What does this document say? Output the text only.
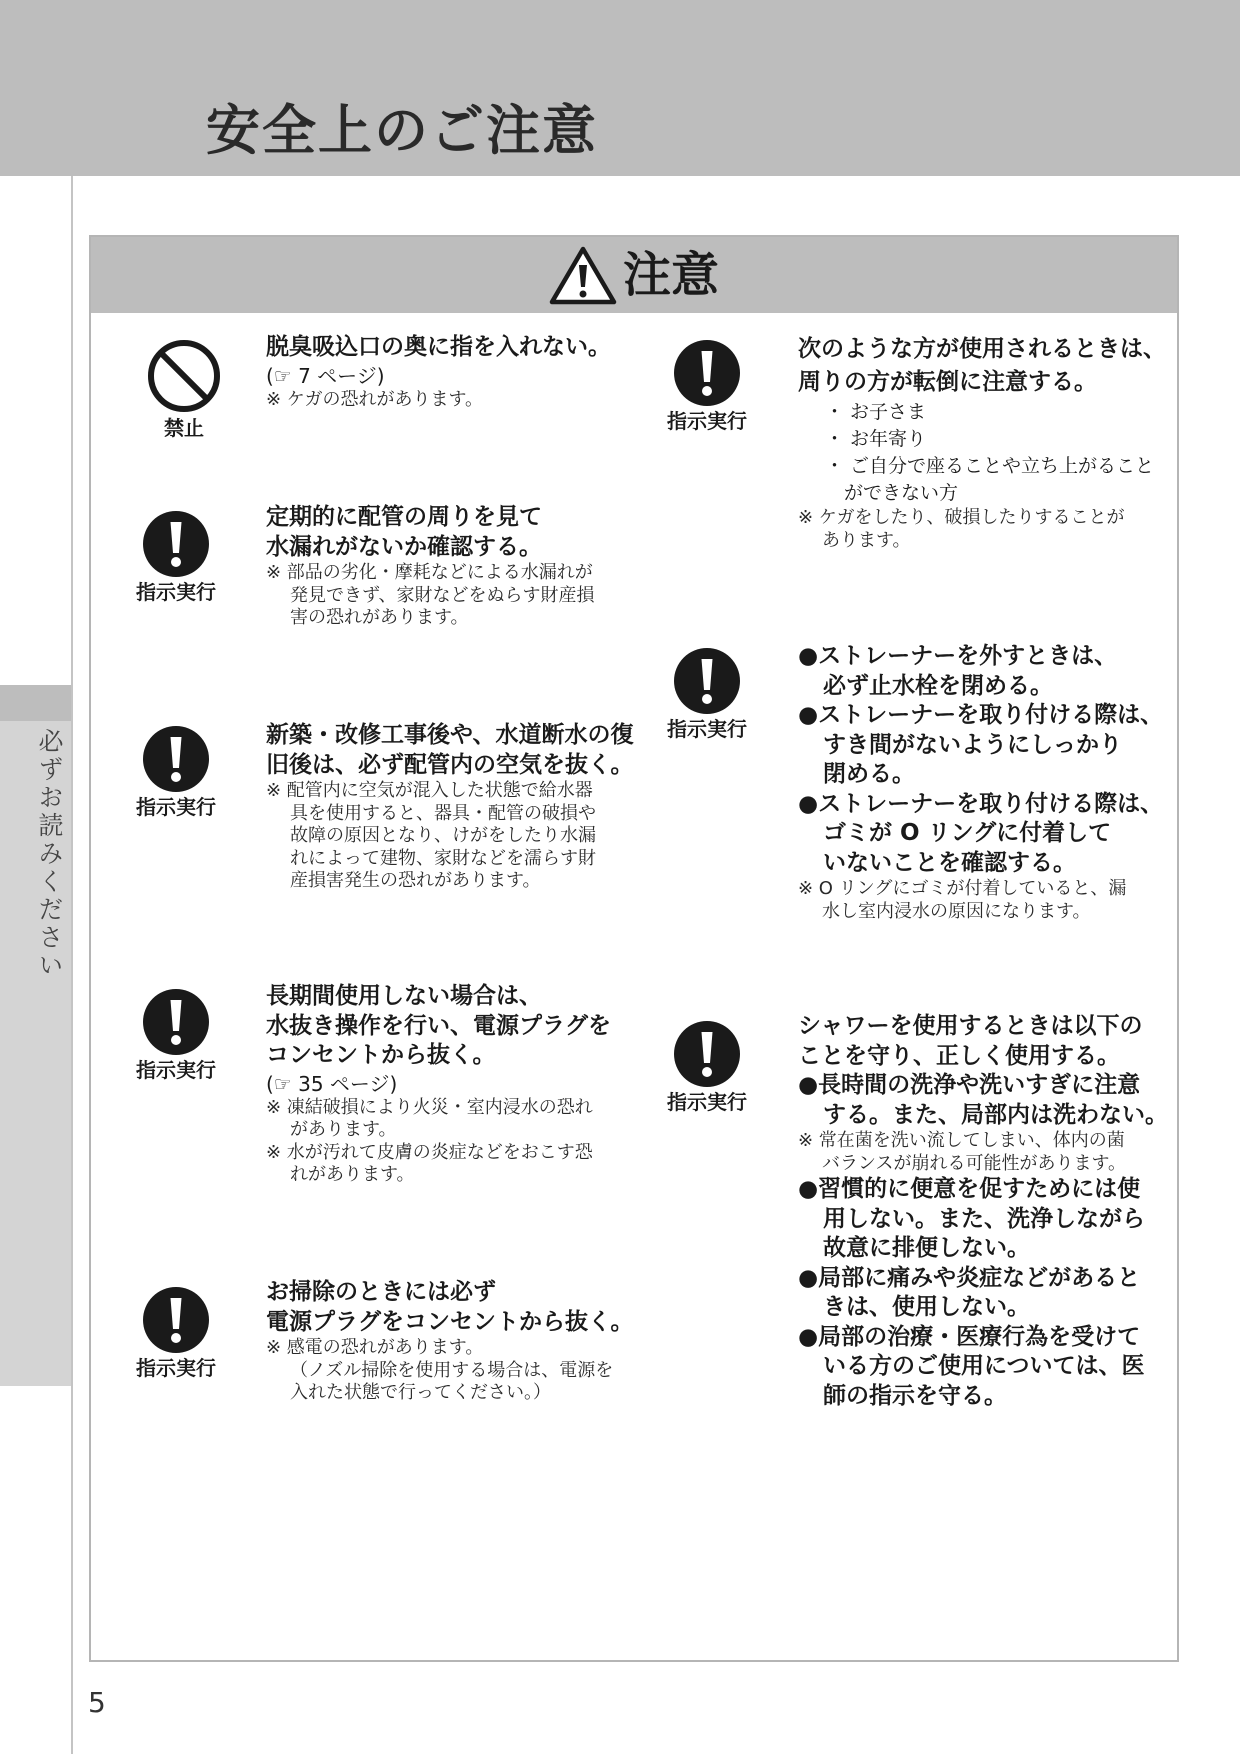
安全上のご注意
必ずお読みください
注意
禁止

脱臭吸込口の奥に指を入れない。

(☞ 7 ページ)

※ ケガの恐れがあります。

指示実行

定期的に配管の周りを見て
水漏れがないか確認する。

※ 部品の劣化・摩耗などによる水漏れが
発見できず、家財などをぬらす財産損
害の恐れがあります。

指示実行

新築・改修工事後や、水道断水の復
旧後は、必ず配管内の空気を抜く。

※ 配管内に空気が混入した状態で給水器
具を使用すると、器具・配管の破損や
故障の原因となり、けがをしたり水漏
れによって建物、家財などを濡らす財
産損害発生の恐れがあります。

指示実行

長期間使用しない場合は、
水抜き操作を行い、電源プラグを
コンセントから抜く。

(☞ 35 ページ)

※ 凍結破損により火災・室内浸水の恐れ
があります。

※ 水が汚れて皮膚の炎症などをおこす恐
れがあります。

指示実行

お掃除のときには必ず
電源プラグをコンセントから抜く。

※ 感電の恐れがあります。
（ノズル掃除を使用する場合は、電源を
入れた状態で行ってください。）

指示実行

次のような方が使用されるときは、
周りの方が転倒に注意する。

・ お子さま

・ お年寄り

・ ご自分で座ることや立ち上がること
ができない方

※ ケガをしたり、破損したりすることが
あります。

指示実行

●ストレーナーを外すときは、
必ず止水栓を閉める。

●ストレーナーを取り付ける際は、
すき間がないようにしっかり
閉める。

●ストレーナーを取り付ける際は、
ゴミが O リングに付着して
いないことを確認する。

※ O リングにゴミが付着していると、漏
水し室内浸水の原因になります。

指示実行

シャワーを使用するときは以下の
ことを守り、正しく使用する。

●長時間の洗浄や洗いすぎに注意
する。また、局部内は洗わない。

※ 常在菌を洗い流してしまい、体内の菌
バランスが崩れる可能性があります。

●習慣的に便意を促すためには使
用しない。また、洗浄しながら
故意に排便しない。

●局部に痛みや炎症などがあると
きは、使用しない。

●局部の治療・医療行為を受けて
いる方のご使用については、医
師の指示を守る。

5
